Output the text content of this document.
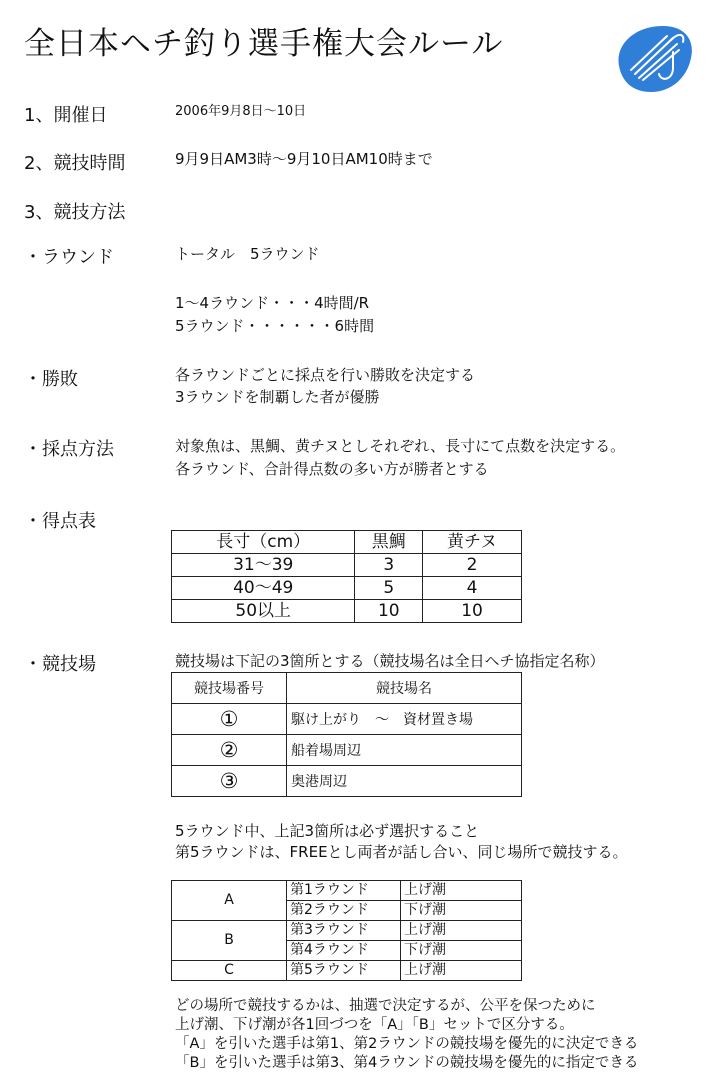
全日本ヘチ釣り選手権大会ルール
1、開催日	2006年9月8日～10日
2、競技時間	9月9日AM3時～9月10日AM10時まで
3、競技方法
・ラウンド	トータル　5ラウンド
1～4ラウンド・・・4時間/R
5ラウンド・・・・・・6時間
・勝敗	各ラウンドごとに採点を行い勝敗を決定する
3ラウンドを制覇した者が優勝
・採点方法	対象魚は、黒鯛、黄チヌとしそれぞれ、長寸にて点数を決定する。
各ラウンド、合計得点数の多い方が勝者とする
・得点表
長寸（cm）	黒鯛	黄チヌ
31～39	3	2
40～49	5	4
50以上	10	10
・競技場	競技場は下記の3箇所とする（競技場名は全日ヘチ協指定名称）
競技場番号	競技場名
①	駆け上がり　～　資材置き場
②	船着場周辺
③	奥港周辺
5ラウンド中、上記3箇所は必ず選択すること
第5ラウンドは、FREEとし両者が話し合い、同じ場所で競技する。
A	第1ラウンド	上げ潮
	第2ラウンド	下げ潮
B	第3ラウンド	上げ潮
	第4ラウンド	下げ潮
C	第5ラウンド	上げ潮
どの場所で競技するかは、抽選で決定するが、公平を保つために
上げ潮、下げ潮が各1回づつを「A」「B」セットで区分する。
「A」を引いた選手は第1、第2ラウンドの競技場を優先的に決定できる
「B」を引いた選手は第3、第4ラウンドの競技場を優先的に指定できる
